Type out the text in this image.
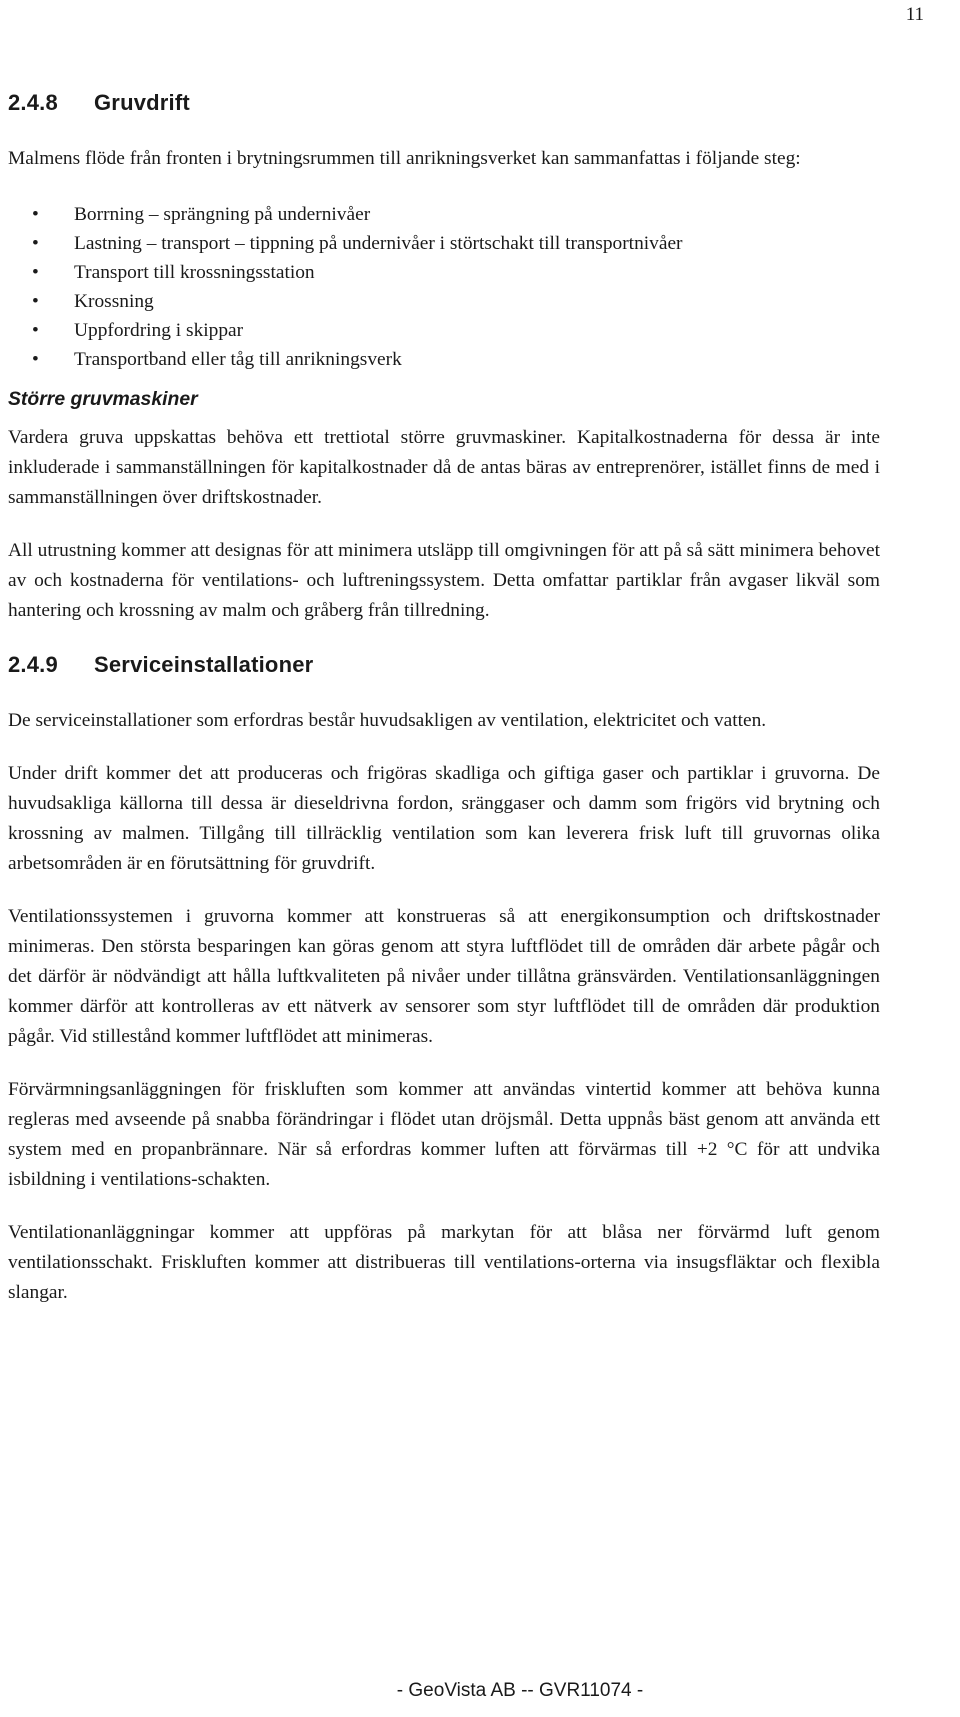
11
2.4.8 Gruvdrift

Malmens flöde från fronten i brytningsrummen till anrikningsverket kan sammanfattas i följande steg:

• Borrning – sprängning på undernivåer
• Lastning – transport – tippning på undernivåer i störtschakt till transportnivåer
• Transport till krossningsstation
• Krossning
• Uppfordring i skippar
• Transportband eller tåg till anrikningsverk
Större gruvmaskiner

Vardera gruva uppskattas behöva ett trettiotal större gruvmaskiner. Kapitalkostnaderna för dessa är inte inkluderade i sammanställningen för kapitalkostnader då de antas bäras av entreprenörer, istället finns de med i sammanställningen över driftskostnader.

All utrustning kommer att designas för att minimera utsläpp till omgivningen för att på så sätt minimera behovet av och kostnaderna för ventilations- och luftreningssystem. Detta omfattar partiklar från avgaser likväl som hantering och krossning av malm och gråberg från tillredning.

2.4.9 Serviceinstallationer

De serviceinstallationer som erfordras består huvudsakligen av ventilation, elektricitet och vatten.

Under drift kommer det att produceras och frigöras skadliga och giftiga gaser och partiklar i gruvorna. De huvudsakliga källorna till dessa är dieseldrivna fordon, sränggaser och damm som frigörs vid brytning och krossning av malmen. Tillgång till tillräcklig ventilation som kan leverera frisk luft till gruvornas olika arbetsområden är en förutsättning för gruvdrift.

Ventilationssystemen i gruvorna kommer att konstrueras så att energikonsumption och driftskostnader minimeras. Den största besparingen kan göras genom att styra luftflödet till de områden där arbete pågår och det därför är nödvändigt att hålla luftkvaliteten på nivåer under tillåtna gränsvärden. Ventilationsanläggningen kommer därför att kontrolleras av ett nätverk av sensorer som styr luftflödet till de områden där produktion pågår. Vid stillestånd kommer luftflödet att minimeras.

Förvärmningsanläggningen för friskluften som kommer att användas vintertid kommer att behöva kunna regleras med avseende på snabba förändringar i flödet utan dröjsmål. Detta uppnås bäst genom att använda ett system med en propanbrännare. När så erfordras kommer luften att förvärmas till +2 °C för att undvika isbildning i ventilations-schakten.

Ventilationanläggningar kommer att uppföras på markytan för att blåsa ner förvärmd luft genom ventilationsschakt. Friskluften kommer att distribueras till ventilations-orterna via insugsfläktar och flexibla slangar.

- GeoVista AB -- GVR11074 -
